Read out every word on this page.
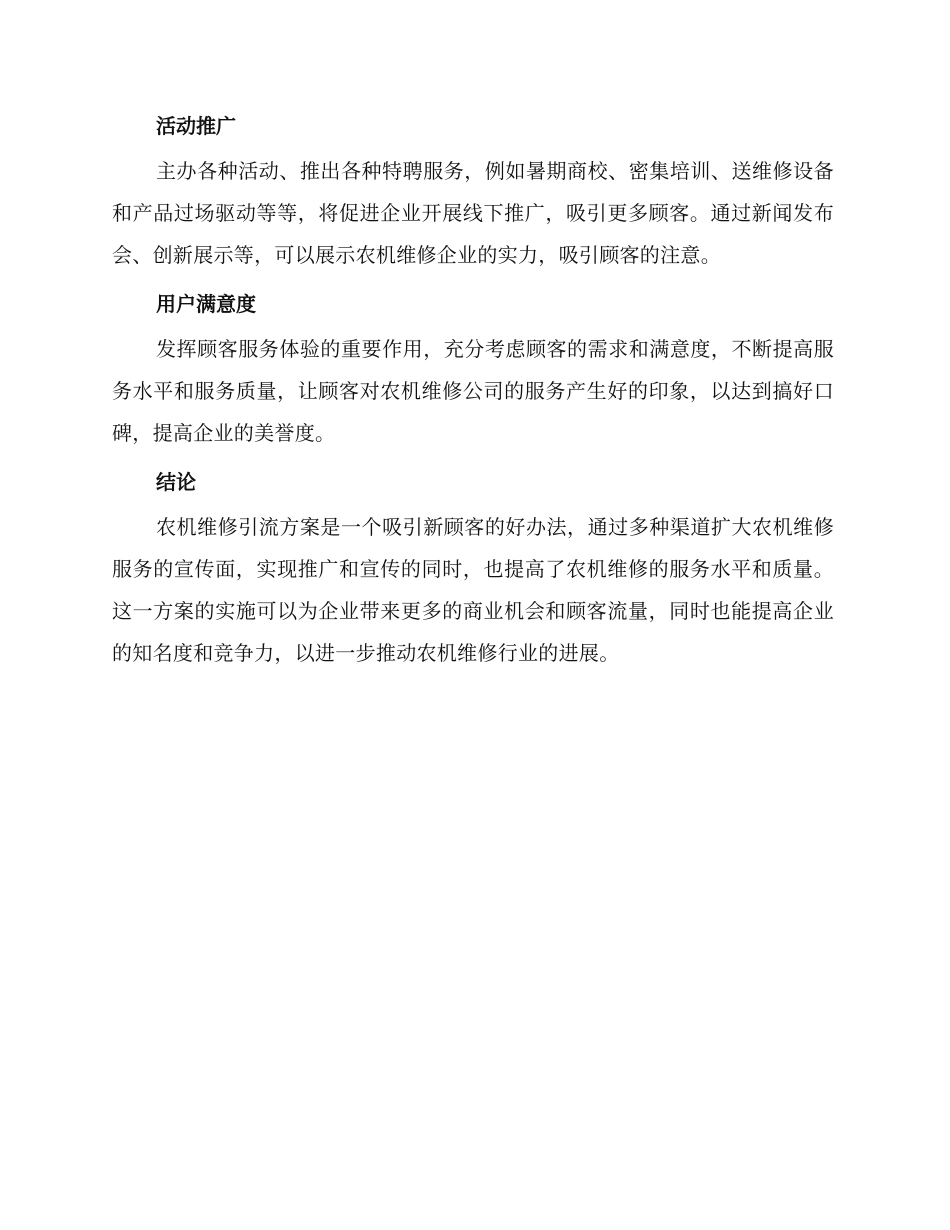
活动推广

主办各种活动、推出各种特聘服务，例如暑期商校、密集培训、送维修设备和产品过场驱动等等，将促进企业开展线下推广，吸引更多顾客。通过新闻发布会、创新展示等，可以展示农机维修企业的实力，吸引顾客的注意。

用户满意度

发挥顾客服务体验的重要作用，充分考虑顾客的需求和满意度，不断提高服务水平和服务质量，让顾客对农机维修公司的服务产生好的印象，以达到搞好口碑，提高企业的美誉度。

结论

农机维修引流方案是一个吸引新顾客的好办法，通过多种渠道扩大农机维修服务的宣传面，实现推广和宣传的同时，也提高了农机维修的服务水平和质量。这一方案的实施可以为企业带来更多的商业机会和顾客流量，同时也能提高企业的知名度和竞争力，以进一步推动农机维修行业的进展。
